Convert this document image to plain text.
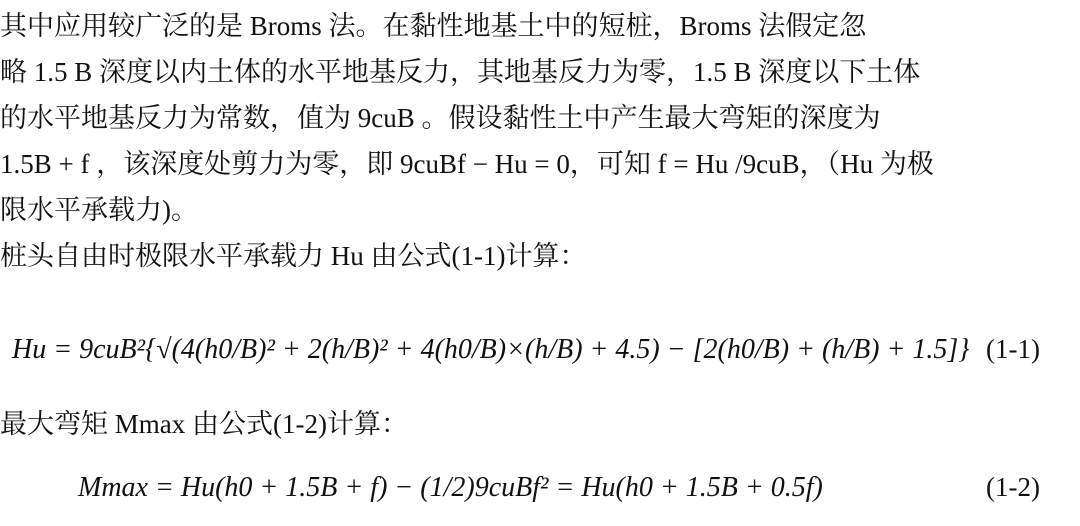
其中应用较广泛的是 Broms 法。在黏性地基土中的短桩，Broms 法假定忽
略 1.5 B 深度以内土体的水平地基反力，其地基反力为零，1.5 B 深度以下土体
的水平地基反力为常数，值为 9cuB 。假设黏性土中产生最大弯矩的深度为
1.5B + f ，该深度处剪力为零，即 9cuBf − Hu = 0，可知 f = Hu /9cuB，（Hu 为极
限水平承载力)。
桩头自由时极限水平承载力 Hu 由公式(1-1)计算：
Hu = 9cuB²{√(4(h0/B)² + 2(h/B)² + 4(h0/B)×(h/B) + 4.5) − [2(h0/B) + (h/B) + 1.5]} (1-1)
最大弯矩 Mmax 由公式(1-2)计算：
Mmax = Hu(h0 + 1.5B + f) − (1/2)9cuBf² = Hu(h0 + 1.5B + 0.5f)	(1-2)
